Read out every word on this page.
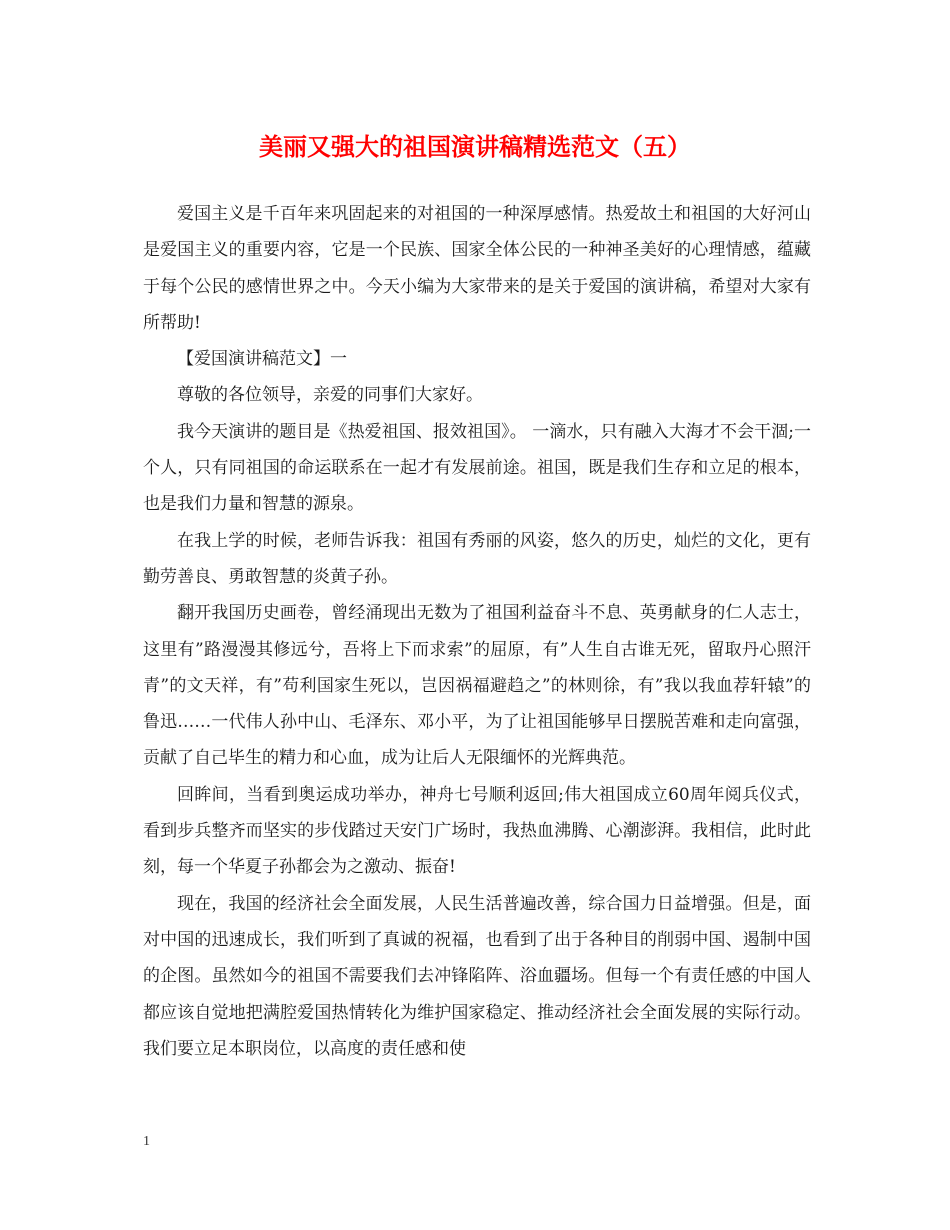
美丽又强大的祖国演讲稿精选范文（五）

爱国主义是千百年来巩固起来的对祖国的一种深厚感情。热爱故土和祖国的大好河山是爱国主义的重要内容，它是一个民族、国家全体公民的一种神圣美好的心理情感，蕴藏于每个公民的感情世界之中。今天小编为大家带来的是关于爱国的演讲稿，希望对大家有所帮助!

【爱国演讲稿范文】一

尊敬的各位领导，亲爱的同事们大家好。

我今天演讲的题目是《热爱祖国、报效祖国》。 一滴水，只有融入大海才不会干涸;一个人，只有同祖国的命运联系在一起才有发展前途。祖国，既是我们生存和立足的根本，也是我们力量和智慧的源泉。

在我上学的时候，老师告诉我：祖国有秀丽的风姿，悠久的历史，灿烂的文化，更有勤劳善良、勇敢智慧的炎黄子孙。

翻开我国历史画卷，曾经涌现出无数为了祖国利益奋斗不息、英勇献身的仁人志士，这里有”路漫漫其修远兮，吾将上下而求索”的屈原，有”人生自古谁无死，留取丹心照汗青”的文天祥，有”苟利国家生死以，岂因祸福避趋之”的林则徐，有”我以我血荐轩辕”的鲁迅……一代伟人孙中山、毛泽东、邓小平，为了让祖国能够早日摆脱苦难和走向富强，贡献了自己毕生的精力和心血，成为让后人无限缅怀的光辉典范。

回眸间，当看到奥运成功举办，神舟七号顺利返回;伟大祖国成立60周年阅兵仪式，看到步兵整齐而坚实的步伐踏过天安门广场时，我热血沸腾、心潮澎湃。我相信，此时此刻，每一个华夏子孙都会为之激动、振奋!

现在，我国的经济社会全面发展，人民生活普遍改善，综合国力日益增强。但是，面对中国的迅速成长，我们听到了真诚的祝福，也看到了出于各种目的削弱中国、遏制中国的企图。虽然如今的祖国不需要我们去冲锋陷阵、浴血疆场。但每一个有责任感的中国人都应该自觉地把满腔爱国热情转化为维护国家稳定、推动经济社会全面发展的实际行动。我们要立足本职岗位，以高度的责任感和使

1
